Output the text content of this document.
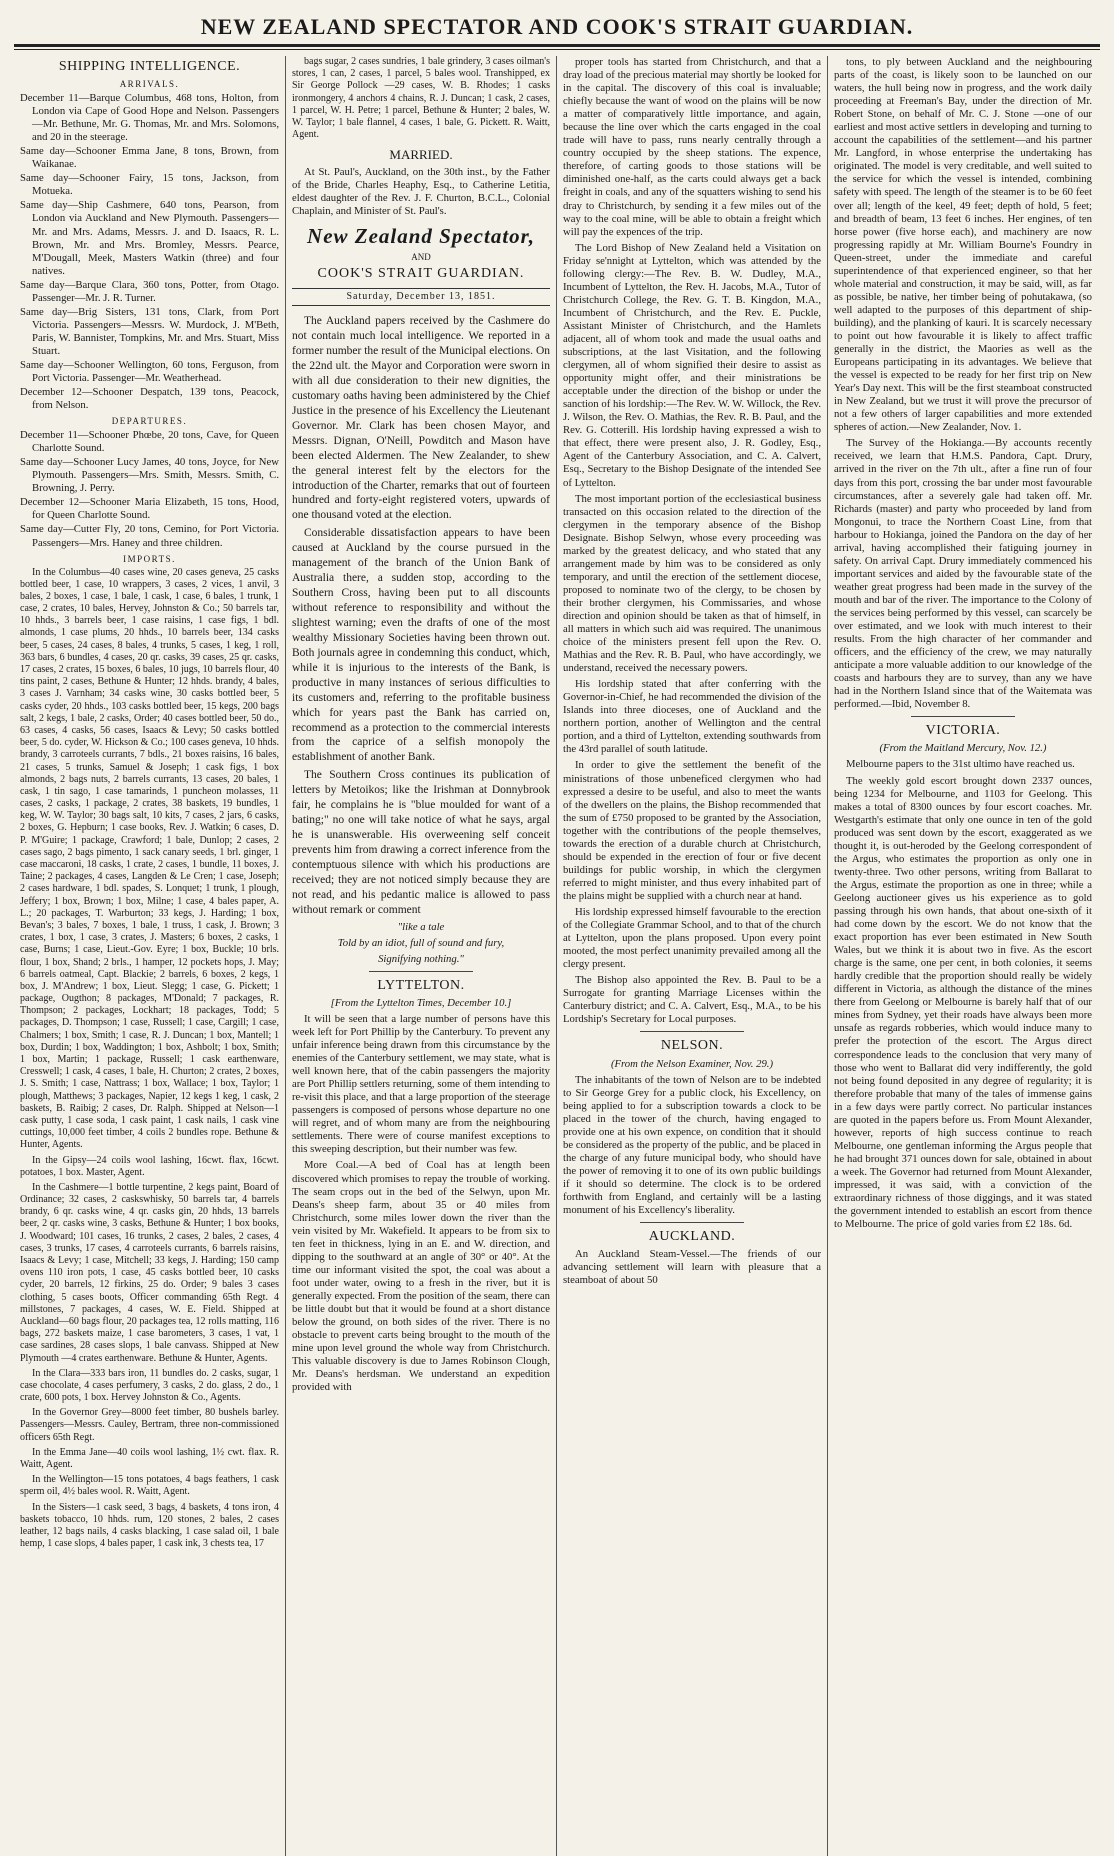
NEW ZEALAND SPECTATOR AND COOK'S STRAIT GUARDIAN.
SHIPPING INTELLIGENCE.
ARRIVALS.

December 11—Barque Columbus, 468 tons, Holton, from London via Cape of Good Hope and Nelson. Passengers—Mr. Bethune, Mr. G. Thomas, Mr. and Mrs. Solomons, and 20 in the steerage.

Same day—Schooner Emma Jane, 8 tons, Brown, from Waikanae.

Same day—Schooner Fairy, 15 tons, Jackson, from Motueka.

Same day—Ship Cashmere, 640 tons, Pearson, from London via Auckland and New Plymouth. Passengers—Mr. and Mrs. Adams, Messrs. J. and D. Isaacs, R. L. Brown, Mr. and Mrs. Bromley, Messrs. Pearce, M'Dougall, Meek, Masters Watkin (three) and four natives.

Same day—Barque Clara, 360 tons, Potter, from Otago. Passenger—Mr. J. R. Turner.

Same day—Brig Sisters, 131 tons, Clark, from Port Victoria. Passengers—Messrs. W. Murdock, J. M'Beth, Paris, W. Bannister, Tompkins, Mr. and Mrs. Stuart, Miss Stuart.

Same day—Schooner Wellington, 60 tons, Ferguson, from Port Victoria. Passenger—Mr. Weatherhead.

December 12—Schooner Despatch, 139 tons, Peacock, from Nelson.

DEPARTURES.

December 11—Schooner Phœbe, 20 tons, Cave, for Queen Charlotte Sound.

Same day—Schooner Lucy James, 40 tons, Joyce, for New Plymouth. Passengers—Mrs. Smith, Messrs. Smith, C. Browning, J. Perry.

December 12—Schooner Maria Elizabeth, 15 tons, Hood, for Queen Charlotte Sound.

Same day—Cutter Fly, 20 tons, Cemino, for Port Victoria. Passengers—Mrs. Haney and three children.

IMPORTS.

In the Columbus—40 cases wine, 20 cases geneva, 25 casks bottled beer, 1 case, 10 wrappers, 3 cases, 2 vices, 1 anvil, 3 bales, 2 boxes, 1 case, 1 bale, 1 cask, 1 case, 6 bales, 1 trunk, 1 case, 2 crates, 10 bales, Hervey, Johnston & Co.; 50 barrels tar, 10 hhds., 3 barrels beer, 1 case raisins, 1 case figs, 1 bdl. almonds, 1 case plums, 20 hhds., 10 barrels beer, 134 casks beer, 5 cases, 24 cases, 8 bales, 4 trunks, 5 cases, 1 keg, 1 roll, 363 bars, 6 bundles, 4 cases, 20 qr. casks, 39 cases, 25 qr. casks, 17 cases, 2 crates, 15 boxes, 6 bales, 10 jugs, 10 barrels flour, 40 tins paint, 2 cases, Bethune & Hunter; 12 hhds. brandy, 4 bales, 3 cases J. Varnham; 34 casks wine, 30 casks bottled beer, 5 casks cyder, 20 hhds., 103 casks bottled beer, 15 kegs, 200 bags salt, 2 kegs, 1 bale, 2 casks, Order; 40 cases bottled beer, 50 do., 63 cases, 4 casks, 56 cases, Isaacs & Levy; 50 casks bottled beer, 5 do. cyder, W. Hickson & Co.; 100 cases geneva, 10 hhds. brandy, 3 carroteels currants, 7 bdls., 21 boxes raisins, 16 bales, 21 cases, 5 trunks, Samuel & Joseph; 1 cask figs, 1 box almonds, 2 bags nuts, 2 barrels currants, 13 cases, 20 bales, 1 cask, 1 tin sago, 1 case tamarinds, 1 puncheon molasses, 11 cases, 2 casks, 1 package, 2 crates, 38 baskets, 19 bundles, 1 keg, W. W. Taylor; 30 bags salt, 10 kits, 7 cases, 2 jars, 6 casks, 2 boxes, G. Hepburn; 1 case books, Rev. J. Watkin; 6 cases, D. P. M'Guire; 1 package, Crawford; 1 bale, Dunlop; 2 cases, 2 cases sago, 2 bags pimento, 1 sack canary seeds, 1 brl. ginger, 1 case maccaroni, 18 casks, 1 crate, 2 cases, 1 bundle, 11 boxes, J. Taine; 2 packages, 4 cases, Langden & Le Cren; 1 case, Joseph; 2 cases hardware, 1 bdl. spades, S. Lonquet; 1 trunk, 1 plough, Jeffery; 1 box, Brown; 1 box, Milne; 1 case, 4 bales paper, A. L.; 20 packages, T. Warburton; 33 kegs, J. Harding; 1 box, Bevan's; 3 bales, 7 boxes, 1 bale, 1 truss, 1 cask, J. Brown; 3 crates, 1 box, 1 case, 3 crates, J. Masters; 6 boxes, 2 casks, 1 case, Burns; 1 case, Lieut.-Gov. Eyre; 1 box, Buckle; 10 brls. flour, 1 box, Shand; 2 brls., 1 hamper, 12 pockets hops, J. May; 6 barrels oatmeal, Capt. Blackie; 2 barrels, 6 boxes, 2 kegs, 1 box, J. M'Andrew; 1 box, Lieut. Slegg; 1 case, G. Pickett; 1 package, Ougthon; 8 packages, M'Donald; 7 packages, R. Thompson; 2 packages, Lockhart; 18 packages, Todd; 5 packages, D. Thompson; 1 case, Russell; 1 case, Cargill; 1 case, Chalmers; 1 box, Smith; 1 case, R. J. Duncan; 1 box, Mantell; 1 box, Durdin; 1 box, Waddington; 1 box, Ashbolt; 1 box, Smith; 1 box, Martin; 1 package, Russell; 1 cask earthenware, Cresswell; 1 cask, 4 cases, 1 bale, H. Churton; 2 crates, 2 boxes, J. S. Smith; 1 case, Nattrass; 1 box, Wallace; 1 box, Taylor; 1 plough, Matthews; 3 packages, Napier, 12 kegs 1 keg, 1 cask, 2 baskets, B. Raibig; 2 cases, Dr. Ralph. Shipped at Nelson—1 cask putty, 1 case soda, 1 cask paint, 1 cask nails, 1 cask vine cuttings, 10,000 feet timber, 4 coils 2 bundles rope. Bethune & Hunter, Agents.

In the Gipsy—24 coils wool lashing, 16cwt. flax, 16cwt. potatoes, 1 box. Master, Agent.

In the Cashmere—1 bottle turpentine, 2 kegs paint, Board of Ordinance; 32 cases, 2 caskswhisky, 50 barrels tar, 4 barrels brandy, 6 qr. casks wine, 4 qr. casks gin, 20 hhds, 13 barrels beer, 2 qr. casks wine, 3 casks, Bethune & Hunter; 1 box books, J. Woodward; 101 cases, 16 trunks, 2 cases, 2 bales, 2 cases, 4 cases, 3 trunks, 17 cases, 4 carroteels currants, 6 barrels raisins, Isaacs & Levy; 1 case, Mitchell; 33 kegs, J. Harding; 150 camp ovens 110 iron pots, 1 case, 45 casks bottled beer, 10 casks cyder, 20 barrels, 12 firkins, 25 do. Order; 9 bales 3 cases clothing, 5 cases boots, Officer commanding 65th Regt. 4 millstones, 7 packages, 4 cases, W. E. Field. Shipped at Auckland—60 bags flour, 20 packages tea, 12 rolls matting, 116 bags, 272 baskets maize, 1 case barometers, 3 cases, 1 vat, 1 case sardines, 28 cases slops, 1 bale canvass. Shipped at New Plymouth —4 crates earthenware. Bethune & Hunter, Agents.

In the Clara—333 bars iron, 11 bundles do. 2 casks, sugar, 1 case chocolate, 4 cases perfumery, 3 casks, 2 do. glass, 2 do., 1 crate, 600 pots, 1 box. Hervey Johnston & Co., Agents.

In the Governor Grey—8000 feet timber, 80 bushels barley. Passengers—Messrs. Cauley, Bertram, three non-commissioned officers 65th Regt.

In the Emma Jane—40 coils wool lashing, 1½ cwt. flax. R. Waitt, Agent.

In the Wellington—15 tons potatoes, 4 bags feathers, 1 cask sperm oil, 4½ bales wool. R. Waitt, Agent.

In the Sisters—1 cask seed, 3 bags, 4 baskets, 4 tons iron, 4 baskets tobacco, 10 hhds. rum, 120 stones, 2 bales, 2 cases leather, 12 bags nails, 4 casks blacking, 1 case salad oil, 1 bale hemp, 1 case slops, 4 bales paper, 1 cask ink, 3 chests tea, 17

bags sugar, 2 cases sundries, 1 bale grindery, 3 cases oilman's stores, 1 can, 2 cases, 1 parcel, 5 bales wool. Transhipped, ex Sir George Pollock —29 cases, W. B. Rhodes; 1 casks ironmongery, 4 anchors 4 chains, R. J. Duncan; 1 cask, 2 cases, 1 parcel, W. H. Petre; 1 parcel, Bethune & Hunter; 2 bales, W. W. Taylor; 1 bale flannel, 4 cases, 1 bale, G. Pickett. R. Waitt, Agent.

MARRIED.

At St. Paul's, Auckland, on the 30th inst., by the Father of the Bride, Charles Heaphy, Esq., to Catherine Letitia, eldest daughter of the Rev. J. F. Churton, B.C.L., Colonial Chaplain, and Minister of St. Paul's.

New Zealand Spectator,
AND
COOK'S STRAIT GUARDIAN.
Saturday, December 13, 1851.

The Auckland papers received by the Cashmere do not contain much local intelligence. We reported in a former number the result of the Municipal elections. On the 22nd ult. the Mayor and Corporation were sworn in with all due consideration to their new dignities, the customary oaths having been administered by the Chief Justice in the presence of his Excellency the Lieutenant Governor. Mr. Clark has been chosen Mayor, and Messrs. Dignan, O'Neill, Powditch and Mason have been elected Aldermen. The New Zealander, to shew the general interest felt by the electors for the introduction of the Charter, remarks that out of fourteen hundred and forty-eight registered voters, upwards of one thousand voted at the election.

Considerable dissatisfaction appears to have been caused at Auckland by the course pursued in the management of the branch of the Union Bank of Australia there, a sudden stop, according to the Southern Cross, having been put to all discounts without reference to responsibility and without the slightest warning; even the drafts of one of the most wealthy Missionary Societies having been thrown out. Both journals agree in condemning this conduct, which, while it is injurious to the interests of the Bank, is productive in many instances of serious difficulties to its customers and, referring to the profitable business which for years past the Bank has carried on, recommend as a protection to the commercial interests from the caprice of a selfish monopoly the establishment of another Bank.

The Southern Cross continues its publication of letters by Metoikos; like the Irishman at Donnybrook fair, he complains he is "blue moulded for want of a bating;" no one will take notice of what he says, argal he is unanswerable. His overweening self conceit prevents him from drawing a correct inference from the contemptuous silence with which his productions are received; they are not noticed simply because they are not read, and his pedantic malice is allowed to pass without remark or comment

"like a tale
Told by an idiot, full of sound and fury,
Signifying nothing."
LYTTELTON.
[From the Lyttelton Times, December 10.]

It will be seen that a large number of persons have this week left for Port Phillip by the Canterbury. To prevent any unfair inference being drawn from this circumstance by the enemies of the Canterbury settlement, we may state, what is well known here, that of the cabin passengers the majority are Port Phillip settlers returning, some of them intending to re-visit this place, and that a large proportion of the steerage passengers is composed of persons whose departure no one will regret, and of whom many are from the neighbouring settlements. There were of course manifest exceptions to this sweeping description, but their number was few.

More Coal.—A bed of Coal has at length been discovered which promises to repay the trouble of working. The seam crops out in the bed of the Selwyn, upon Mr. Deans's sheep farm, about 35 or 40 miles from Christchurch, some miles lower down the river than the vein visited by Mr. Wakefield. It appears to be from six to ten feet in thickness, lying in an E. and W. direction, and dipping to the southward at an angle of 30° or 40°. At the time our informant visited the spot, the coal was about a foot under water, owing to a fresh in the river, but it is generally expected. From the position of the seam, there can be little doubt but that it would be found at a short distance below the ground, on both sides of the river. There is no obstacle to prevent carts being brought to the mouth of the mine upon level ground the whole way from Christchurch. This valuable discovery is due to James Robinson Clough, Mr. Deans's herdsman. We understand an expedition provided with

proper tools has started from Christchurch, and that a dray load of the precious material may shortly be looked for in the capital. The discovery of this coal is invaluable; chiefly because the want of wood on the plains will be now a matter of comparatively little importance, and again, because the line over which the carts engaged in the coal trade will have to pass, runs nearly centrally through a country occupied by the sheep stations. The expence, therefore, of carting goods to those stations will be diminished one-half, as the carts could always get a back freight in coals, and any of the squatters wishing to send his dray to Christchurch, by sending it a few miles out of the way to the coal mine, will be able to obtain a freight which will pay the expences of the trip.

The Lord Bishop of New Zealand held a Visitation on Friday se'nnight at Lyttelton, which was attended by the following clergy:—The Rev. B. W. Dudley, M.A., Incumbent of Lyttelton, the Rev. H. Jacobs, M.A., Tutor of Christchurch College, the Rev. G. T. B. Kingdon, M.A., Incumbent of Christchurch, and the Rev. E. Puckle, Assistant Minister of Christchurch, and the Hamlets adjacent, all of whom took and made the usual oaths and subscriptions, at the last Visitation, and the following clergymen, all of whom signified their desire to assist as opportunity might offer, and their ministrations be acceptable under the direction of the bishop or under the sanction of his lordship:—The Rev. W. W. Willock, the Rev. J. Wilson, the Rev. O. Mathias, the Rev. R. B. Paul, and the Rev. G. Cotterill. His lordship having expressed a wish to that effect, there were present also, J. R. Godley, Esq., Agent of the Canterbury Association, and C. A. Calvert, Esq., Secretary to the Bishop Designate of the intended See of Lyttelton.

The most important portion of the ecclesiastical business transacted on this occasion related to the direction of the clergymen in the temporary absence of the Bishop Designate. Bishop Selwyn, whose every proceeding was marked by the greatest delicacy, and who stated that any arrangement made by him was to be considered as only temporary, and until the erection of the settlement diocese, proposed to nominate two of the clergy, to be chosen by their brother clergymen, his Commissaries, and whose direction and opinion should be taken as that of himself, in all matters in which such aid was required. The unanimous choice of the ministers present fell upon the Rev. O. Mathias and the Rev. R. B. Paul, who have accordingly, we understand, received the necessary powers.

His lordship stated that after conferring with the Governor-in-Chief, he had recommended the division of the Islands into three dioceses, one of Auckland and the northern portion, another of Wellington and the central portion, and a third of Lyttelton, extending southwards from the 43rd parallel of south latitude.

In order to give the settlement the benefit of the ministrations of those unbeneficed clergymen who had expressed a desire to be useful, and also to meet the wants of the dwellers on the plains, the Bishop recommended that the sum of £750 proposed to be granted by the Association, together with the contributions of the people themselves, towards the erection of a durable church at Christchurch, should be expended in the erection of four or five decent buildings for public worship, in which the clergymen referred to might minister, and thus every inhabited part of the plains might be supplied with a church near at hand.

His lordship expressed himself favourable to the erection of the Collegiate Grammar School, and to that of the church at Lyttelton, upon the plans proposed. Upon every point mooted, the most perfect unanimity prevailed among all the clergy present.

The Bishop also appointed the Rev. B. Paul to be a Surrogate for granting Marriage Licenses within the Canterbury district; and C. A. Calvert, Esq., M.A., to be his Lordship's Secretary for Local purposes.

NELSON.
(From the Nelson Examiner, Nov. 29.)

The inhabitants of the town of Nelson are to be indebted to Sir George Grey for a public clock, his Excellency, on being applied to for a subscription towards a clock to be placed in the tower of the church, having engaged to provide one at his own expence, on condition that it should be considered as the property of the public, and be placed in the charge of any future municipal body, who should have the power of removing it to one of its own public buildings if it should so determine. The clock is to be ordered forthwith from England, and certainly will be a lasting monument of his Excellency's liberality.

AUCKLAND.

An Auckland Steam-Vessel.—The friends of our advancing settlement will learn with pleasure that a steamboat of about 50

tons, to ply between Auckland and the neighbouring parts of the coast, is likely soon to be launched on our waters, the hull being now in progress, and the work daily proceeding at Freeman's Bay, under the direction of Mr. Robert Stone, on behalf of Mr. C. J. Stone —one of our earliest and most active settlers in developing and turning to account the capabilities of the settlement—and his partner Mr. Langford, in whose enterprise the undertaking has originated. The model is very creditable, and well suited to the service for which the vessel is intended, combining safety with speed. The length of the steamer is to be 60 feet over all; length of the keel, 49 feet; depth of hold, 5 feet; and breadth of beam, 13 feet 6 inches. Her engines, of ten horse power (five horse each), and machinery are now progressing rapidly at Mr. William Bourne's Foundry in Queen-street, under the immediate and careful superintendence of that experienced engineer, so that her whole material and construction, it may be said, will, as far as possible, be native, her timber being of pohutakawa, (so well adapted to the purposes of this department of ship-building), and the planking of kauri. It is scarcely necessary to point out how favourable it is likely to affect traffic generally in the district, the Maories as well as the Europeans participating in its advantages. We believe that the vessel is expected to be ready for her first trip on New Year's Day next. This will be the first steamboat constructed in New Zealand, but we trust it will prove the precursor of not a few others of larger capabilities and more extended spheres of action.—New Zealander, Nov. 1.

The Survey of the Hokianga.—By accounts recently received, we learn that H.M.S. Pandora, Capt. Drury, arrived in the river on the 7th ult., after a fine run of four days from this port, crossing the bar under most favourable circumstances, after a severely gale had taken off. Mr. Richards (master) and party who proceeded by land from Mongonui, to trace the Northern Coast Line, from that harbour to Hokianga, joined the Pandora on the day of her arrival, having accomplished their fatiguing journey in safety. On arrival Capt. Drury immediately commenced his important services and aided by the favourable state of the weather great progress had been made in the survey of the mouth and bar of the river. The importance to the Colony of the services being performed by this vessel, can scarcely be over estimated, and we look with much interest to their results. From the high character of her commander and officers, and the efficiency of the crew, we may naturally anticipate a more valuable addition to our knowledge of the coasts and harbours they are to survey, than any we have had in the Northern Island since that of the Waitemata was performed.—Ibid, November 8.

VICTORIA.
(From the Maitland Mercury, Nov. 12.)

Melbourne papers to the 31st ultimo have reached us.

The weekly gold escort brought down 2337 ounces, being 1234 for Melbourne, and 1103 for Geelong. This makes a total of 8300 ounces by four escort coaches. Mr. Westgarth's estimate that only one ounce in ten of the gold produced was sent down by the escort, exaggerated as we thought it, is out-heroded by the Geelong correspondent of the Argus, who estimates the proportion as only one in twenty-three. Two other persons, writing from Ballarat to the Argus, estimate the proportion as one in three; while a Geelong auctioneer gives us his experience as to gold passing through his own hands, that about one-sixth of it had come down by the escort. We do not know that the exact proportion has ever been estimated in New South Wales, but we think it is about two in five. As the escort charge is the same, one per cent, in both colonies, it seems hardly credible that the proportion should really be widely different in Victoria, as although the distance of the mines there from Geelong or Melbourne is barely half that of our mines from Sydney, yet their roads have always been more unsafe as regards robberies, which would induce many to prefer the protection of the escort. The Argus direct correspondence leads to the conclusion that very many of those who went to Ballarat did very indifferently, the gold not being found deposited in any degree of regularity; it is therefore probable that many of the tales of immense gains in a few days were partly correct. No particular instances are quoted in the papers before us. From Mount Alexander, however, reports of high success continue to reach Melbourne, one gentleman informing the Argus people that he had brought 371 ounces down for sale, obtained in about a week. The Governor had returned from Mount Alexander, impressed, it was said, with a conviction of the extraordinary richness of those diggings, and it was stated the government intended to establish an escort from thence to Melbourne. The price of gold varies from £2 18s. 6d.
